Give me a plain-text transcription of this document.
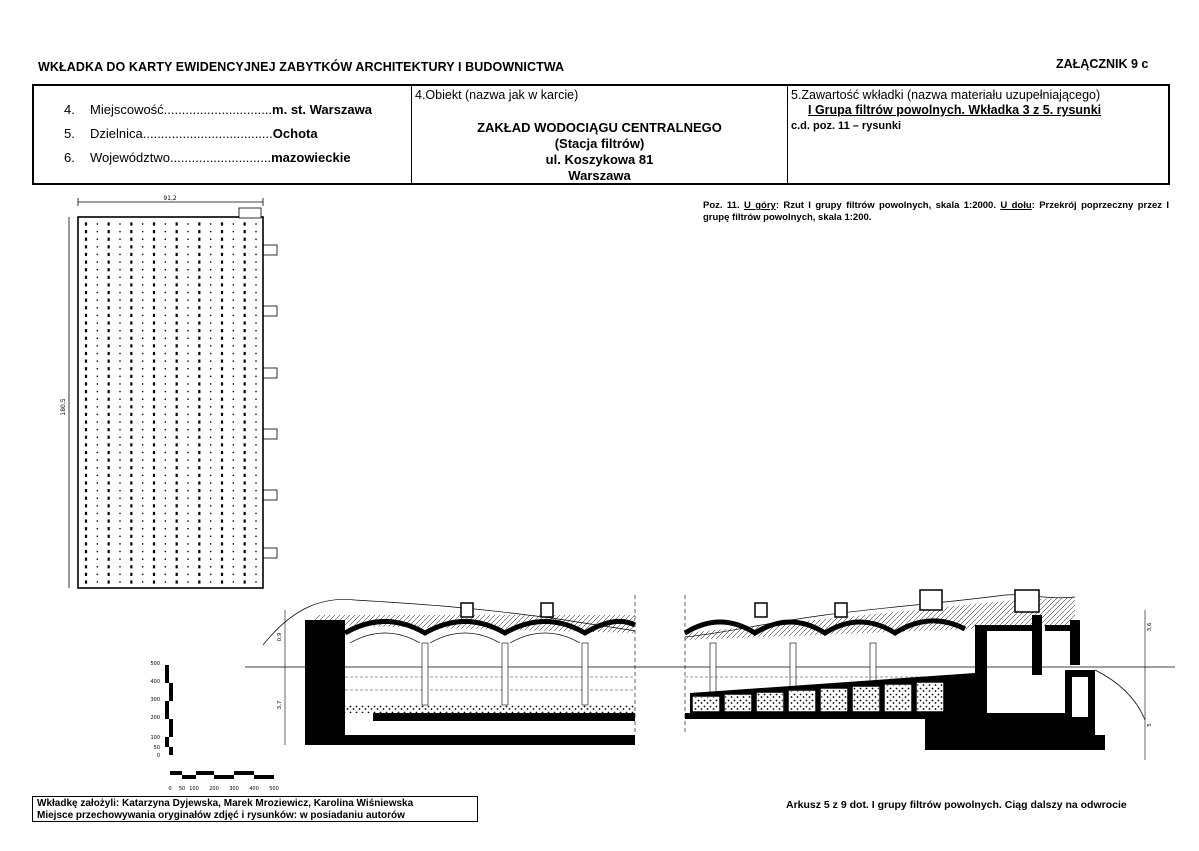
WKŁADKA DO KARTY EWIDENCYJNEJ ZABYTKÓW ARCHITEKTURY I BUDOWNICTWA	ZAŁĄCZNIK 9 c
4. Miejscowość..............................m. st. Warszawa
5. Dzielnica....................................Ochota
6. Województwo............................mazowieckie
4.Obiekt (nazwa jak w karcie)
ZAKŁAD WODOCIĄGU CENTRALNEGO
(Stacja filtrów)
ul. Koszykowa 81
Warszawa
5.Zawartość wkładki (nazwa materiału uzupełniającego)
I Grupa filtrów powolnych. Wkładka 3 z 5. rysunki
c.d. poz. 11 – rysunki
Poz. 11. U góry: Rzut I grupy filtrów powolnych, skala 1:2000. U dołu: Przekrój poprzeczny przez I grupę filtrów powolnych, skala 1:200.
91,2
180,5
500
400
300
200
100
50
0
0 50 100 200 300 400 500
0,9
3,7
3,6
5
Wkładkę założyli: Katarzyna Dyjewska, Marek Mroziewicz, Karolina Wiśniewska
Miejsce przechowywania oryginałów zdjęć i rysunków: w posiadaniu autorów
Arkusz 5 z 9 dot. I grupy filtrów powolnych. Ciąg dalszy na odwrocie
